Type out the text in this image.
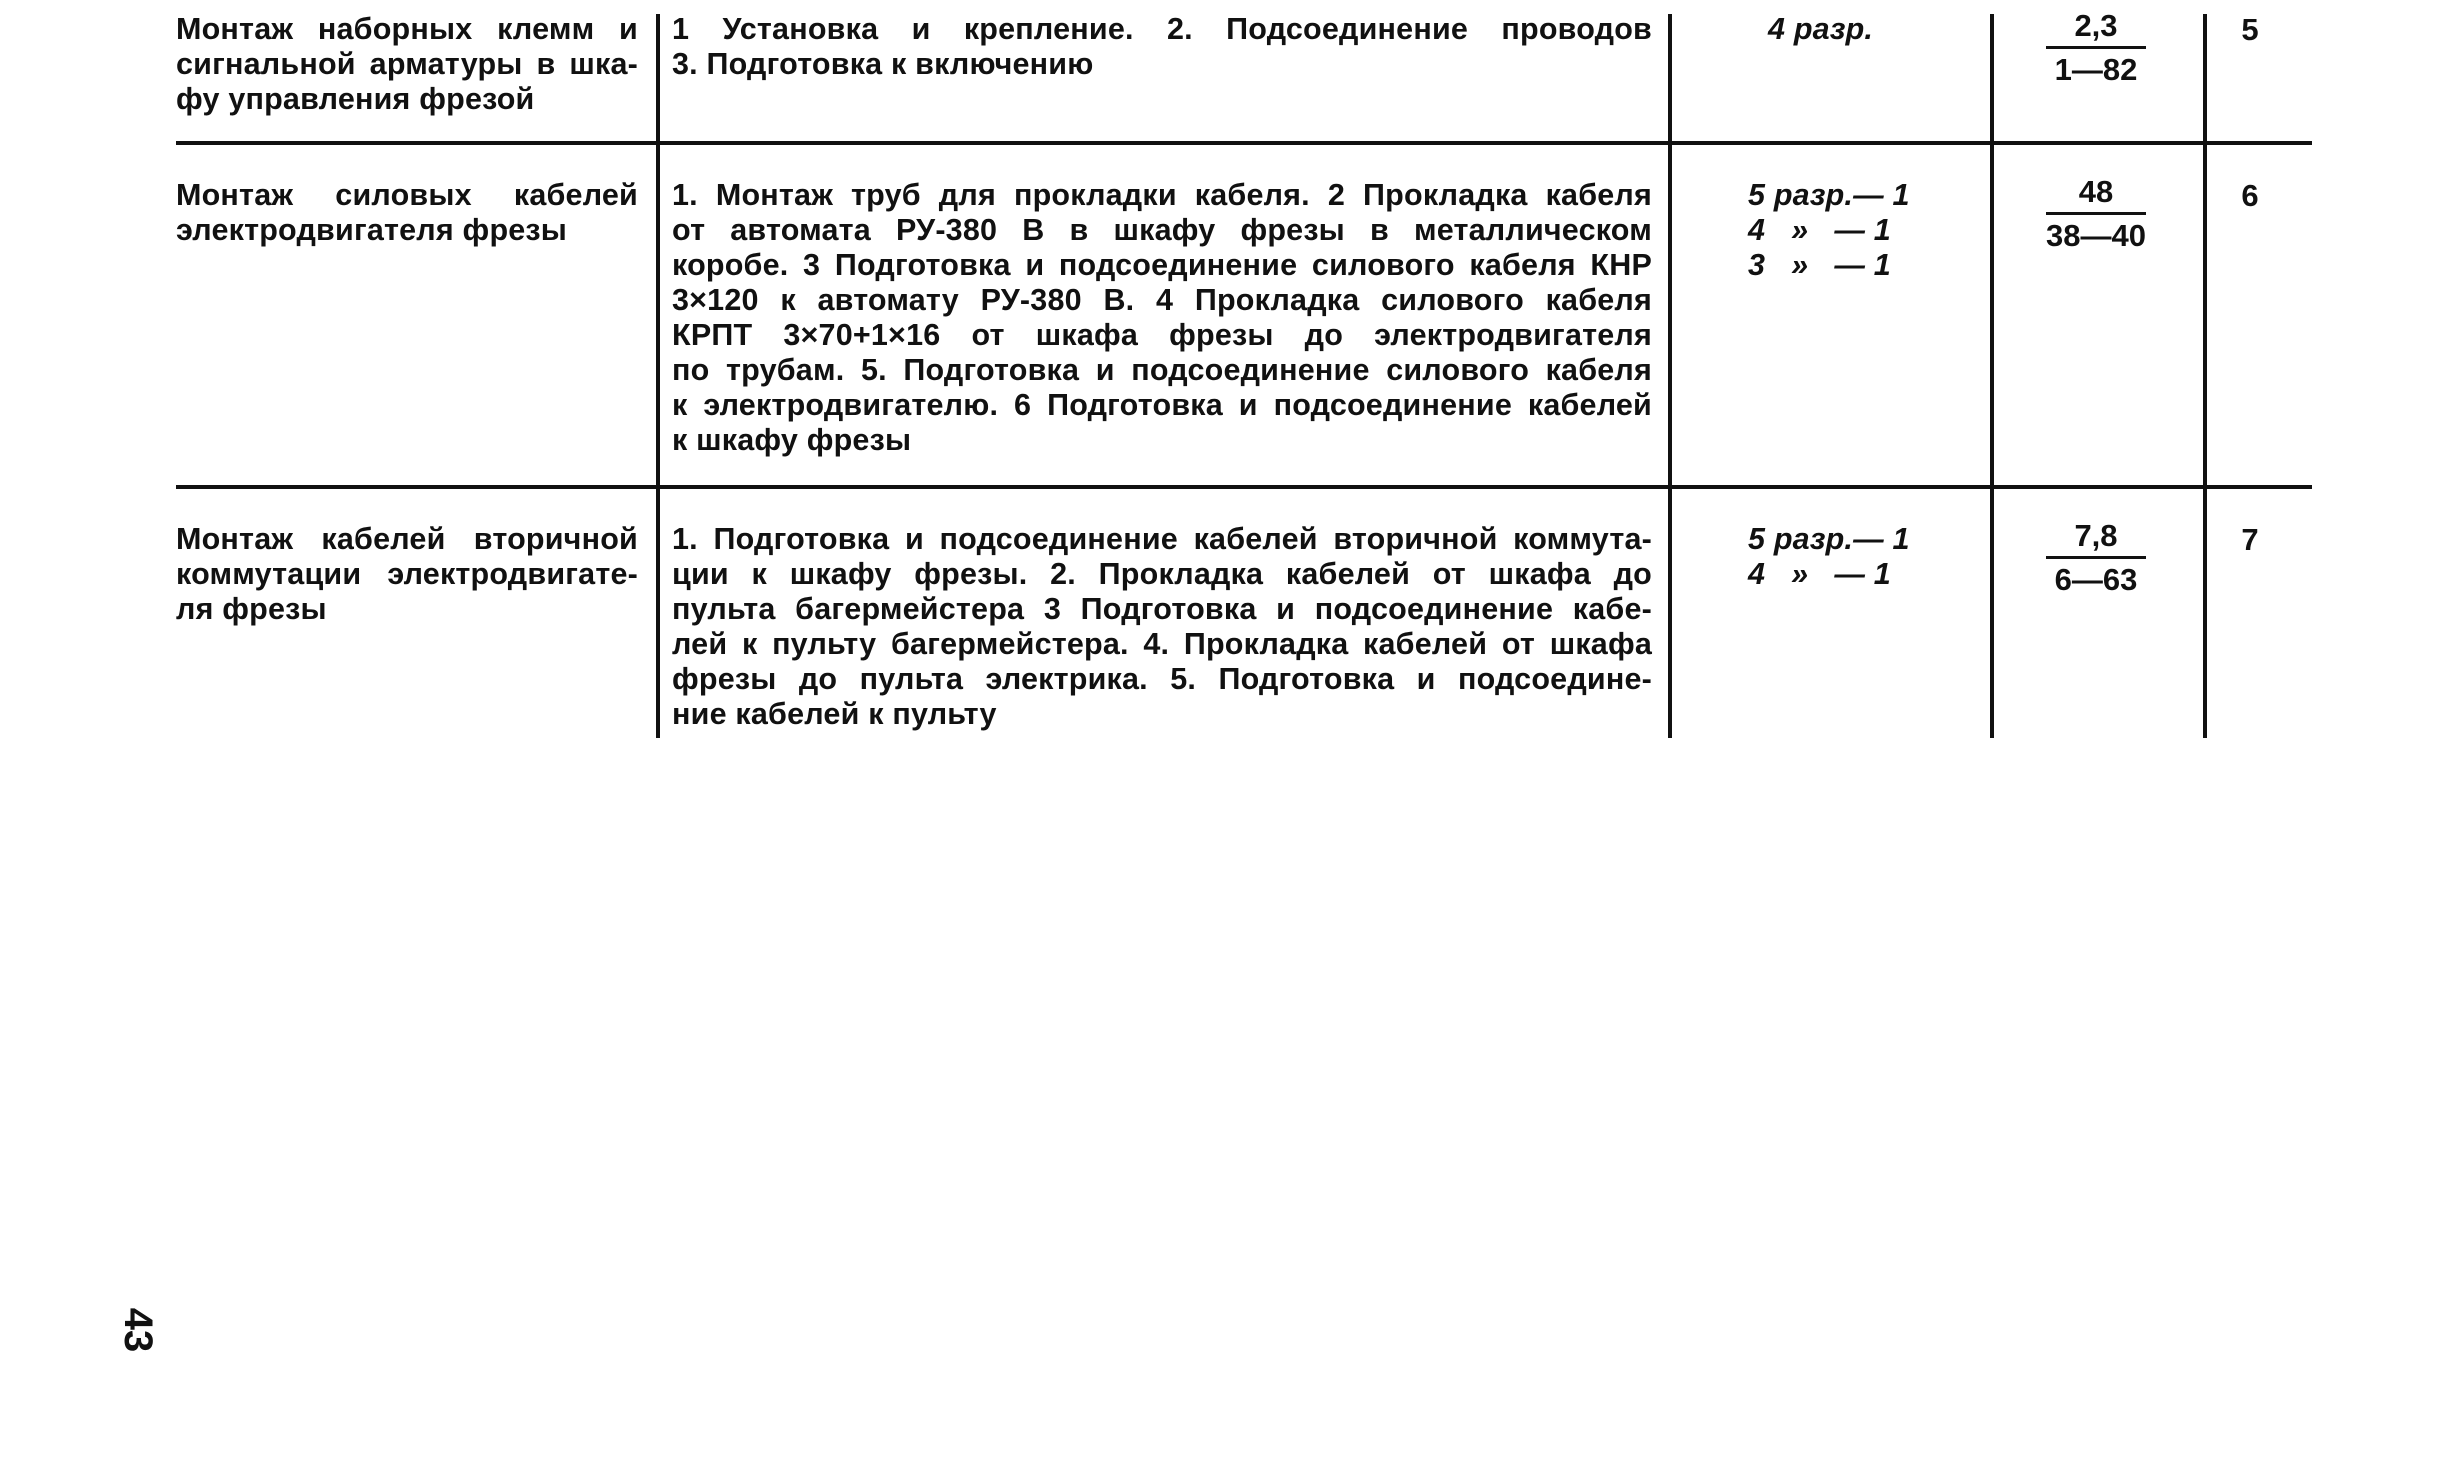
Монтаж наборных клемм и
сигнальной арматуры в шка-
фу управления фрезой
1 Установка и крепление. 2. Подсоединение проводов
3. Подготовка к включению
4 разр.	2,3
1—82
5
Монтаж силовых кабелей
электродвигателя фрезы
1. Монтаж труб для прокладки кабеля. 2 Прокладка кабеля
от автомата РУ-380 В в шкафу фрезы в металлическом
коробе. 3 Подготовка и подсоединение силового кабеля КНР
3×120 к автомату РУ-380 В. 4 Прокладка силового кабеля
КРПТ 3×70+1×16 от шкафа фрезы до электродвигателя
по трубам. 5. Подготовка и подсоединение силового кабеля
к электродвигателю. 6 Подготовка и подсоединение кабелей
к шкафу фрезы
5 разр.— 1
4   »   — 1
3   »   — 1
48
38—40
6
Монтаж кабелей вторичной
коммутации электродвигате-
ля фрезы
1. Подготовка и подсоединение кабелей вторичной коммута-
ции к шкафу фрезы. 2. Прокладка кабелей от шкафа до
пульта багермейстера 3 Подготовка и подсоединение кабе-
лей к пульту багермейстера. 4. Прокладка кабелей от шкафа
фрезы до пульта электрика. 5. Подготовка и подсоедине-
ние кабелей к пульту
5 разр.— 1
4   »   — 1
7,8
6—63
7
43
